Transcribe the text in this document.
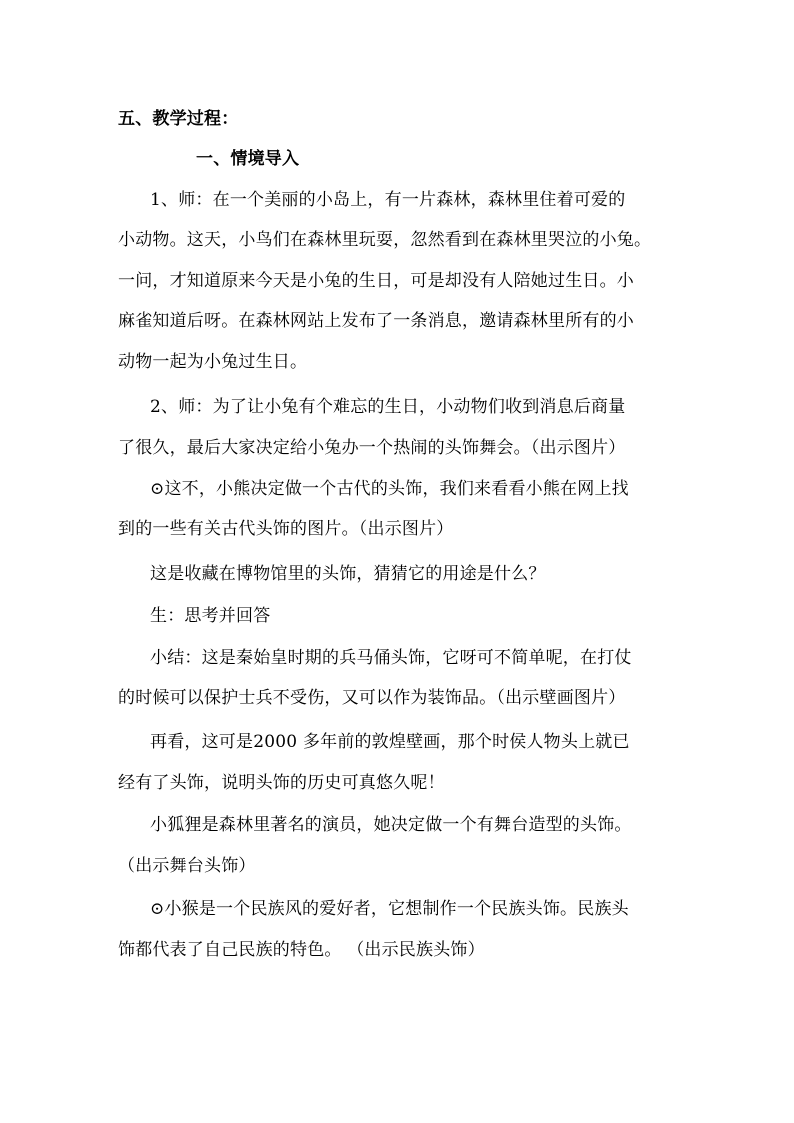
五、教学过程：
一、情境导入
1、师：在一个美丽的小岛上，有一片森林，森林里住着可爱的
小动物。这天，小鸟们在森林里玩耍，忽然看到在森林里哭泣的小兔。
一问，才知道原来今天是小兔的生日，可是却没有人陪她过生日。小
麻雀知道后呀。在森林网站上发布了一条消息，邀请森林里所有的小
动物一起为小兔过生日。
2、师：为了让小兔有个难忘的生日，小动物们收到消息后商量
了很久，最后大家决定给小兔办一个热闹的头饰舞会。（出示图片）
⊙这不，小熊决定做一个古代的头饰，我们来看看小熊在网上找
到的一些有关古代头饰的图片。（出示图片）
这是收藏在博物馆里的头饰，猜猜它的用途是什么？
生：思考并回答
小结：这是秦始皇时期的兵马俑头饰，它呀可不简单呢，在打仗
的时候可以保护士兵不受伤，又可以作为装饰品。（出示壁画图片）
再看，这可是2000 多年前的敦煌壁画，那个时侯人物头上就已
经有了头饰，说明头饰的历史可真悠久呢！
小狐狸是森林里著名的演员，她决定做一个有舞台造型的头饰。
（出示舞台头饰）
⊙小猴是一个民族风的爱好者，它想制作一个民族头饰。民族头
饰都代表了自己民族的特色。 （出示民族头饰）
